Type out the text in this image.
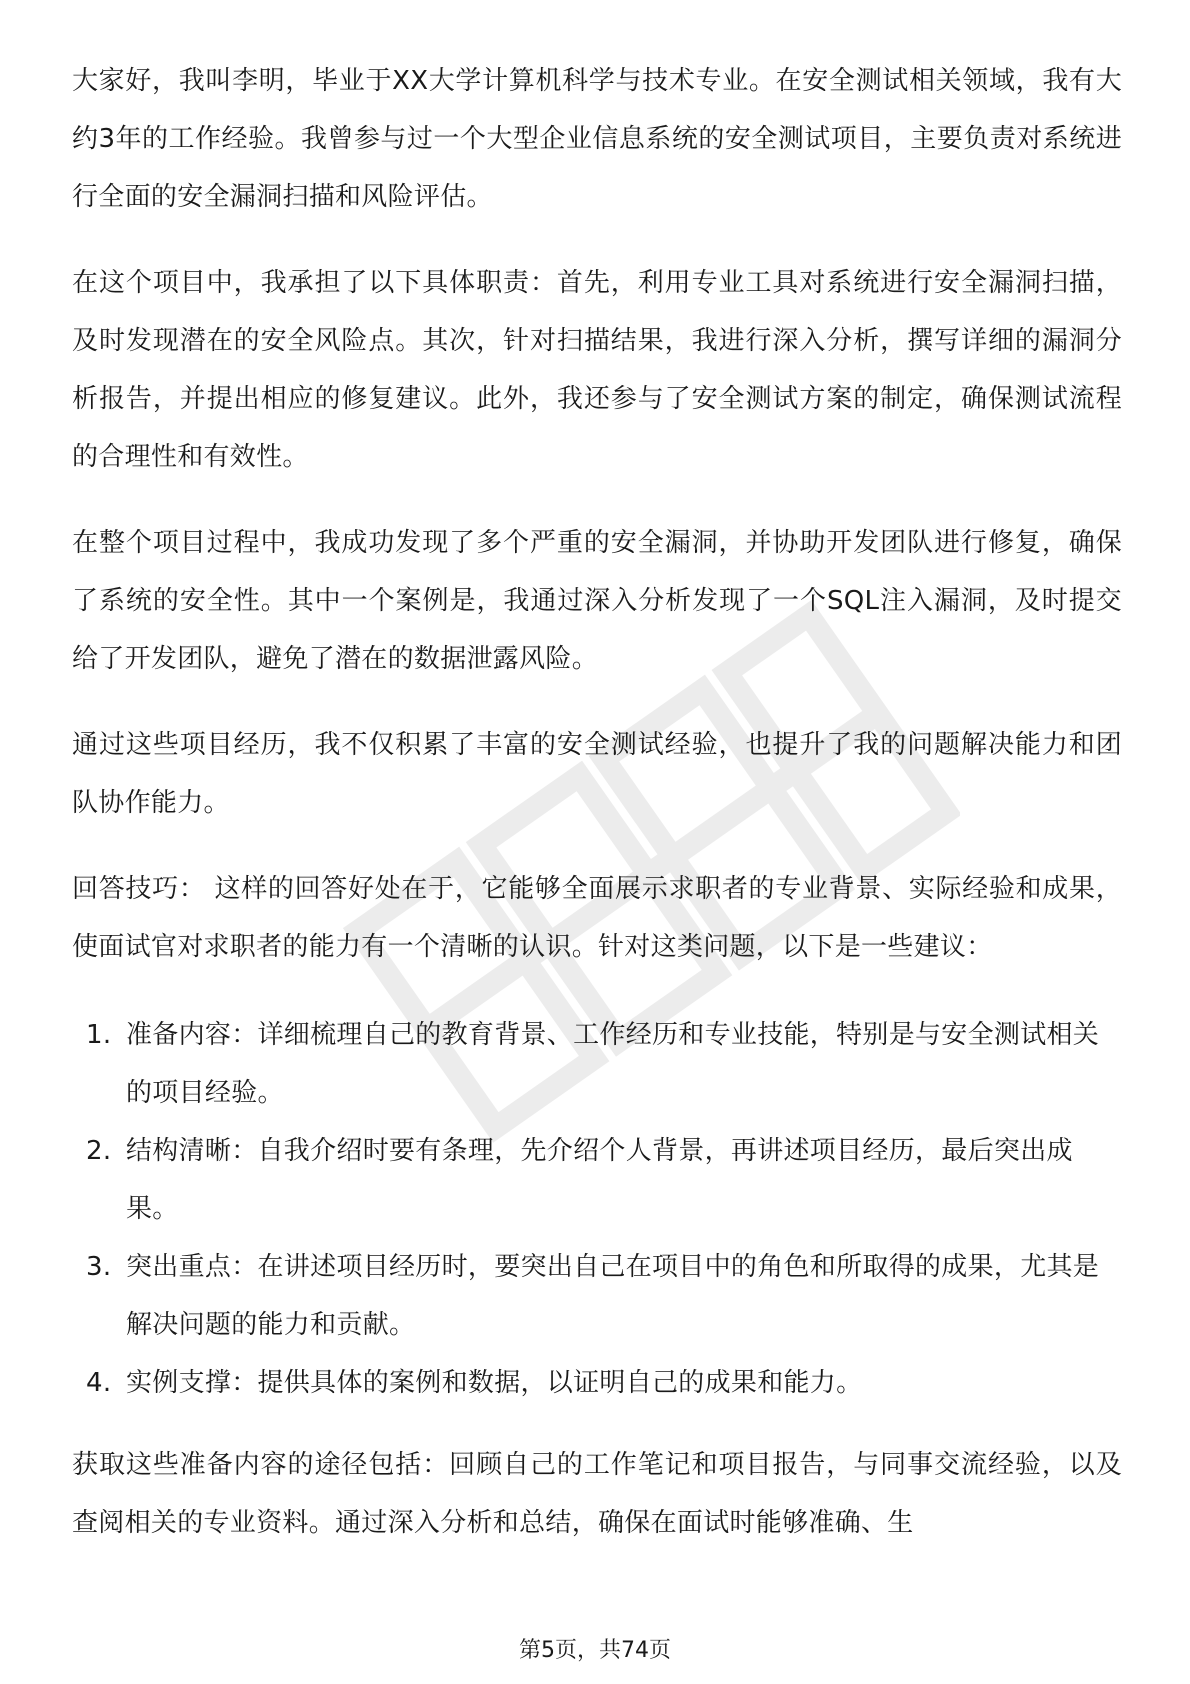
大家好，我叫李明，毕业于XX大学计算机科学与技术专业。在安全测试相关领域，我有大约3年的工作经验。我曾参与过一个大型企业信息系统的安全测试项目，主要负责对系统进行全面的安全漏洞扫描和风险评估。

在这个项目中，我承担了以下具体职责：首先，利用专业工具对系统进行安全漏洞扫描，及时发现潜在的安全风险点。其次，针对扫描结果，我进行深入分析，撰写详细的漏洞分析报告，并提出相应的修复建议。此外，我还参与了安全测试方案的制定，确保测试流程的合理性和有效性。

在整个项目过程中，我成功发现了多个严重的安全漏洞，并协助开发团队进行修复，确保了系统的安全性。其中一个案例是，我通过深入分析发现了一个SQL注入漏洞，及时提交给了开发团队，避免了潜在的数据泄露风险。

通过这些项目经历，我不仅积累了丰富的安全测试经验，也提升了我的问题解决能力和团队协作能力。

回答技巧： 这样的回答好处在于，它能够全面展示求职者的专业背景、实际经验和成果，使面试官对求职者的能力有一个清晰的认识。针对这类问题，以下是一些建议：

1. 准备内容：详细梳理自己的教育背景、工作经历和专业技能，特别是与安全测试相关的项目经验。
2. 结构清晰：自我介绍时要有条理，先介绍个人背景，再讲述项目经历，最后突出成果。
3. 突出重点：在讲述项目经历时，要突出自己在项目中的角色和所取得的成果，尤其是解决问题的能力和贡献。
4. 实例支撑：提供具体的案例和数据，以证明自己的成果和能力。

获取这些准备内容的途径包括：回顾自己的工作笔记和项目报告，与同事交流经验，以及查阅相关的专业资料。通过深入分析和总结，确保在面试时能够准确、生

第5页，共74页
